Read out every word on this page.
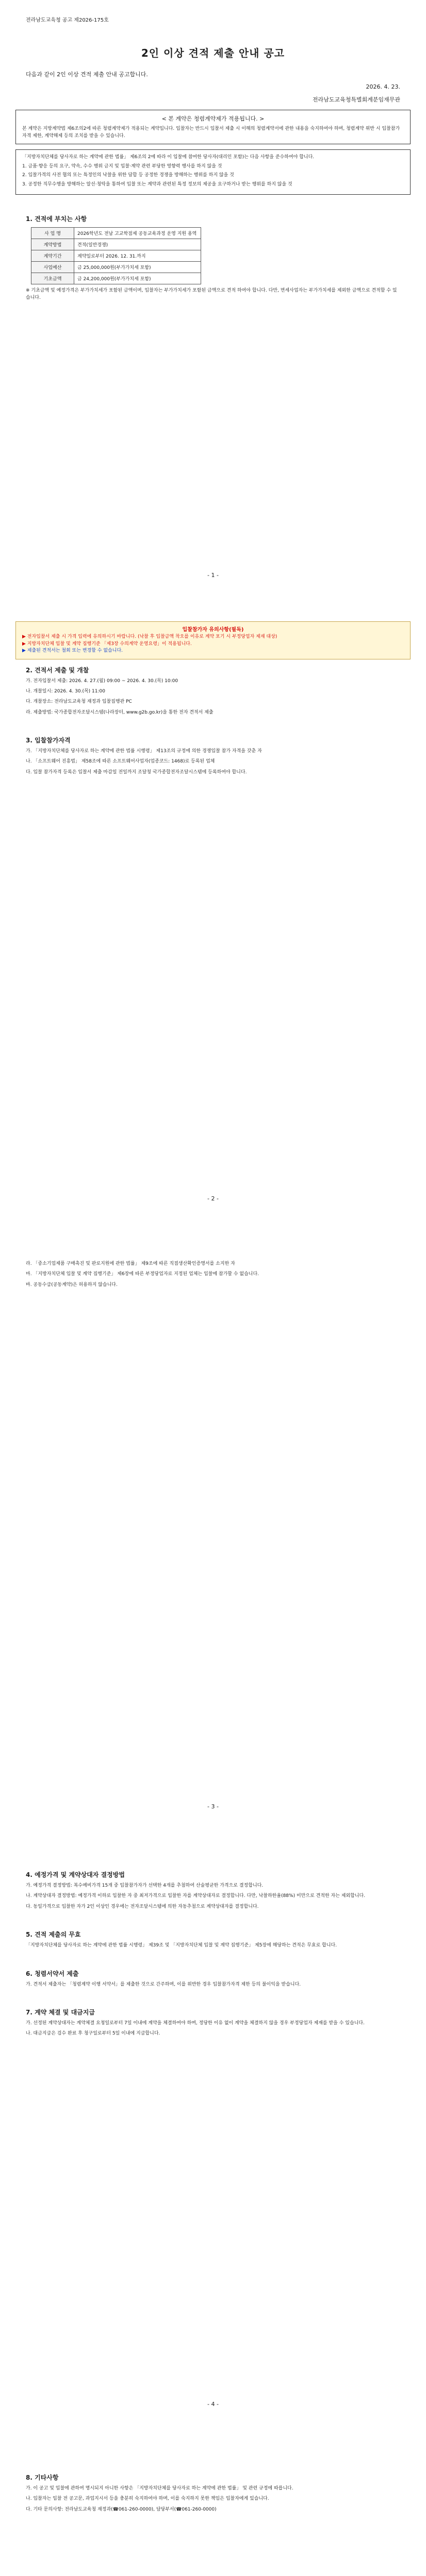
전라남도교육청 공고 제2026-175호
2인 이상 견적 제출 안내 공고
다음과 같이 2인 이상 견적 제출 안내 공고합니다.
2026. 4. 23.
전라남도교육청특별회계분임재무관
< 본 계약은 청렴계약제가 적용됩니다. >
본 계약은 지방계약법 제6조의2에 따른 청렴계약제가 적용되는 계약입니다. 입찰자는 반드시 입찰서 제출 시 이해의 청렴계약서에 관한 내용을 숙지하여야 하며, 청렴계약 위반 시 입찰참가자격 제한, 계약해제 등의 조치를 받을 수 있습니다.

「지방자치단체를 당사자로 하는 계약에 관한 법률」 제6조의 2에 따라 이 입찰에 참여한 당사자(대리인 포함)는 다음 사항을 준수하여야 합니다.

1. 금품·향응 등의 요구, 약속, 수수 행위 금지 및 입찰·계약 관련 부당한 영향력 행사를 하지 않을 것

2. 입찰가격의 사전 협의 또는 특정인의 낙찰을 위한 담합 등 공정한 경쟁을 방해하는 행위를 하지 않을 것

3. 공정한 직무수행을 방해하는 알선·청탁을 통하여 입찰 또는 계약과 관련된 특정 정보의 제공을 요구하거나 받는 행위를 하지 않을 것

1. 견적에 부치는 사항
사 업 명	2026학년도 전남 고교학점제 공동교육과정 운영 지원 용역
계약방법	견적(일반경쟁)
계약기간	계약일로부터 2026. 12. 31.까지
사업예산	금 25,000,000원(부가가치세 포함)
기초금액	금 24,200,000원(부가가치세 포함)
※ 기초금액 및 예정가격은 부가가치세가 포함된 금액이며, 입찰자는 부가가치세가 포함된 금액으로 견적 하여야 합니다. 다만, 면세사업자는 부가가치세를 제외한 금액으로 견적할 수 있습니다.
- 1 -
입찰참가자 유의사항(필독)
▶ 전자입찰서 제출 시 가격 입력에 유의하시기 바랍니다. (낙찰 후 입찰금액 착오를 이유로 계약 포기 시 부정당업자 제재 대상)
▶ 지방자치단체 입찰 및 계약 집행기준 「제3장 수의계약 운영요령」이 적용됩니다.
▶ 제출된 견적서는 철회 또는 변경할 수 없습니다.
2. 견적서 제출 및 개찰
가. 전자입찰서 제출: 2026. 4. 27.(월) 09:00 ~ 2026. 4. 30.(목) 10:00
나. 개찰일시: 2026. 4. 30.(목) 11:00
다. 개찰장소: 전라남도교육청 재정과 입찰집행관 PC
라. 제출방법: 국가종합전자조달시스템(나라장터, www.g2b.go.kr)을 통한 전자 견적서 제출
3. 입찰참가자격
가. 「지방자치단체를 당사자로 하는 계약에 관한 법률 시행령」 제13조의 규정에 의한 경쟁입찰 참가 자격을 갖춘 자
나. 「소프트웨어 진흥법」 제58조에 따른 소프트웨어사업자(업종코드: 1468)로 등록된 업체
다. 입찰 참가자격 등록은 입찰서 제출 마감일 전일까지 조달청 국가종합전자조달시스템에 등록하여야 합니다.
- 2 -
라. 「중소기업제품 구매촉진 및 판로지원에 관한 법률」 제9조에 따른 직접생산확인증명서를 소지한 자
마. 「지방자치단체 입찰 및 계약 집행기준」 제6장에 따른 부정당업자로 지정된 업체는 입찰에 참가할 수 없습니다.
바. 공동수급(공동계약)은 허용하지 않습니다.
- 3 -
4. 예정가격 및 계약상대자 결정방법
가. 예정가격 결정방법: 복수예비가격 15개 중 입찰참가자가 선택한 4개를 추첨하여 산술평균한 가격으로 결정합니다.
나. 계약상대자 결정방법: 예정가격 이하로 입찰한 자 중 최저가격으로 입찰한 자를 계약상대자로 결정합니다. 다만, 낙찰하한율(88%) 미만으로 견적한 자는 제외합니다.
다. 동일가격으로 입찰한 자가 2인 이상인 경우에는 전자조달시스템에 의한 자동추첨으로 계약상대자를 결정합니다.
5. 견적 제출의 무효
「지방자치단체를 당사자로 하는 계약에 관한 법률 시행령」 제39조 및 「지방자치단체 입찰 및 계약 집행기준」 제5장에 해당하는 견적은 무효로 합니다.
6. 청렴서약서 제출
가. 견적서 제출자는 「청렴계약 이행 서약서」를 제출한 것으로 간주하며, 이를 위반한 경우 입찰참가자격 제한 등의 불이익을 받습니다.
7. 계약 체결 및 대금지급
가. 선정된 계약상대자는 계약체결 요청일로부터 7일 이내에 계약을 체결하여야 하며, 정당한 이유 없이 계약을 체결하지 않을 경우 부정당업자 제재를 받을 수 있습니다.
나. 대금지급은 검수 완료 후 청구일로부터 5일 이내에 지급합니다.
- 4 -
8. 기타사항
가. 이 공고 및 입찰에 관하여 명시되지 아니한 사항은 「지방자치단체를 당사자로 하는 계약에 관한 법률」 및 관련 규정에 따릅니다.
나. 입찰자는 입찰 전 공고문, 과업지시서 등을 충분히 숙지하여야 하며, 이를 숙지하지 못한 책임은 입찰자에게 있습니다.
다. 기타 문의사항: 전라남도교육청 재정과(☎061-260-0000), 담당부서(☎061-260-0000)
